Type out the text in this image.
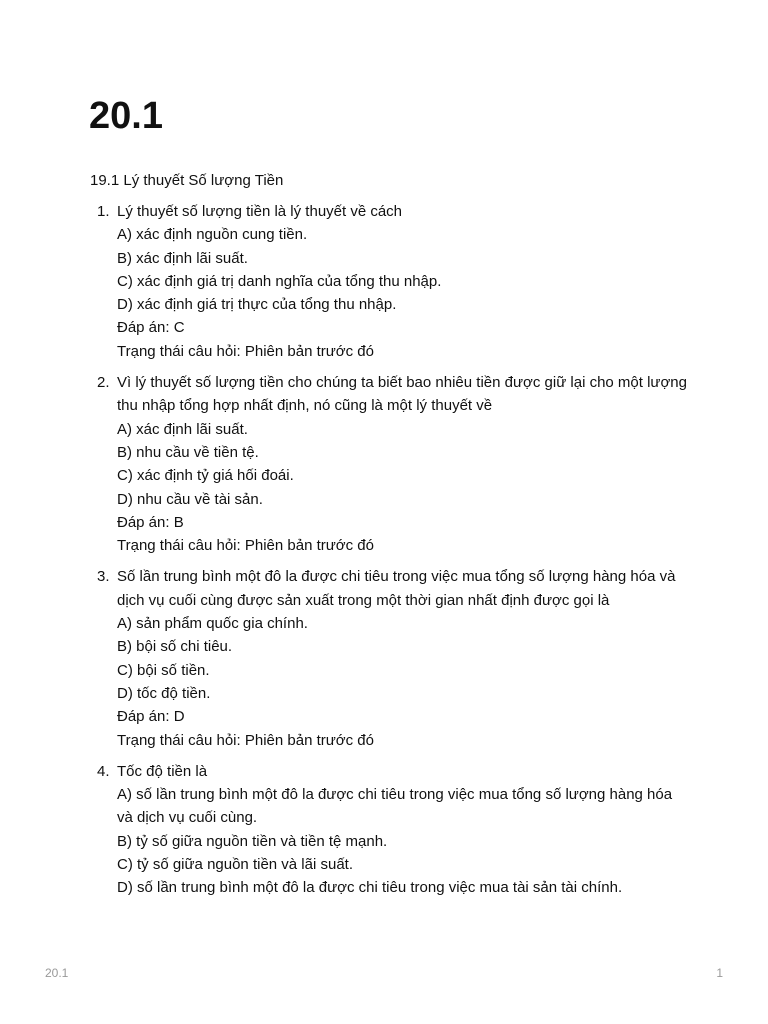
20.1

19.1 Lý thuyết Số lượng Tiền

1. Lý thuyết số lượng tiền là lý thuyết về cách
A) xác định nguồn cung tiền.
B) xác định lãi suất.
C) xác định giá trị danh nghĩa của tổng thu nhập.
D) xác định giá trị thực của tổng thu nhập.
Đáp án: C
Trạng thái câu hỏi: Phiên bản trước đó
2. Vì lý thuyết số lượng tiền cho chúng ta biết bao nhiêu tiền được giữ lại cho một lượng thu nhập tổng hợp nhất định, nó cũng là một lý thuyết về
A) xác định lãi suất.
B) nhu cầu về tiền tệ.
C) xác định tỷ giá hối đoái.
D) nhu cầu về tài sản.
Đáp án: B
Trạng thái câu hỏi: Phiên bản trước đó
3. Số lần trung bình một đô la được chi tiêu trong việc mua tổng số lượng hàng hóa và dịch vụ cuối cùng được sản xuất trong một thời gian nhất định được gọi là
A) sản phẩm quốc gia chính.
B) bội số chi tiêu.
C) bội số tiền.
D) tốc độ tiền.
Đáp án: D
Trạng thái câu hỏi: Phiên bản trước đó
4. Tốc độ tiền là
A) số lần trung bình một đô la được chi tiêu trong việc mua tổng số lượng hàng hóa và dịch vụ cuối cùng.
B) tỷ số giữa nguồn tiền và tiền tệ mạnh.
C) tỷ số giữa nguồn tiền và lãi suất.
D) số lần trung bình một đô la được chi tiêu trong việc mua tài sản tài chính.
20.1	1
